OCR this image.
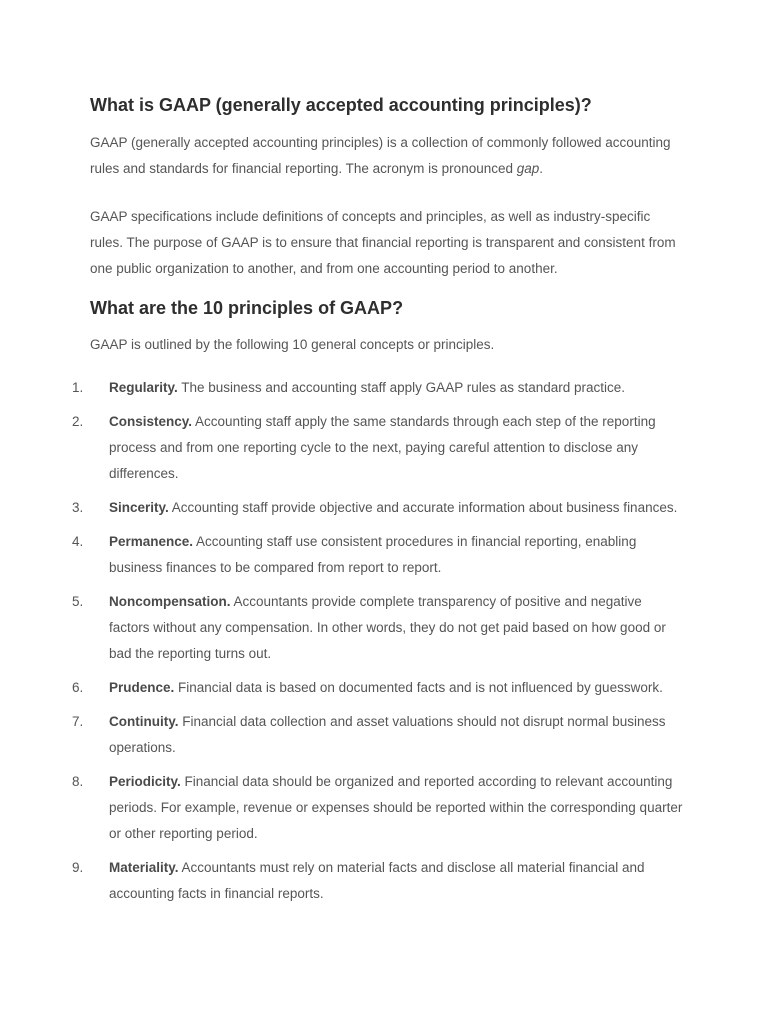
What is GAAP (generally accepted accounting principles)?

GAAP (generally accepted accounting principles) is a collection of commonly followed accounting rules and standards for financial reporting. The acronym is pronounced gap.

GAAP specifications include definitions of concepts and principles, as well as industry-specific rules. The purpose of GAAP is to ensure that financial reporting is transparent and consistent from one public organization to another, and from one accounting period to another.

What are the 10 principles of GAAP?

GAAP is outlined by the following 10 general concepts or principles.

1.	Regularity. The business and accounting staff apply GAAP rules as standard practice.
2.	Consistency. Accounting staff apply the same standards through each step of the reporting process and from one reporting cycle to the next, paying careful attention to disclose any differences.
3.	Sincerity. Accounting staff provide objective and accurate information about business finances.
4.	Permanence. Accounting staff use consistent procedures in financial reporting, enabling business finances to be compared from report to report.
5.	Noncompensation. Accountants provide complete transparency of positive and negative factors without any compensation. In other words, they do not get paid based on how good or bad the reporting turns out.
6.	Prudence. Financial data is based on documented facts and is not influenced by guesswork.
7.	Continuity. Financial data collection and asset valuations should not disrupt normal business operations.
8.	Periodicity. Financial data should be organized and reported according to relevant accounting periods. For example, revenue or expenses should be reported within the corresponding quarter or other reporting period.
9.	Materiality. Accountants must rely on material facts and disclose all material financial and accounting facts in financial reports.
